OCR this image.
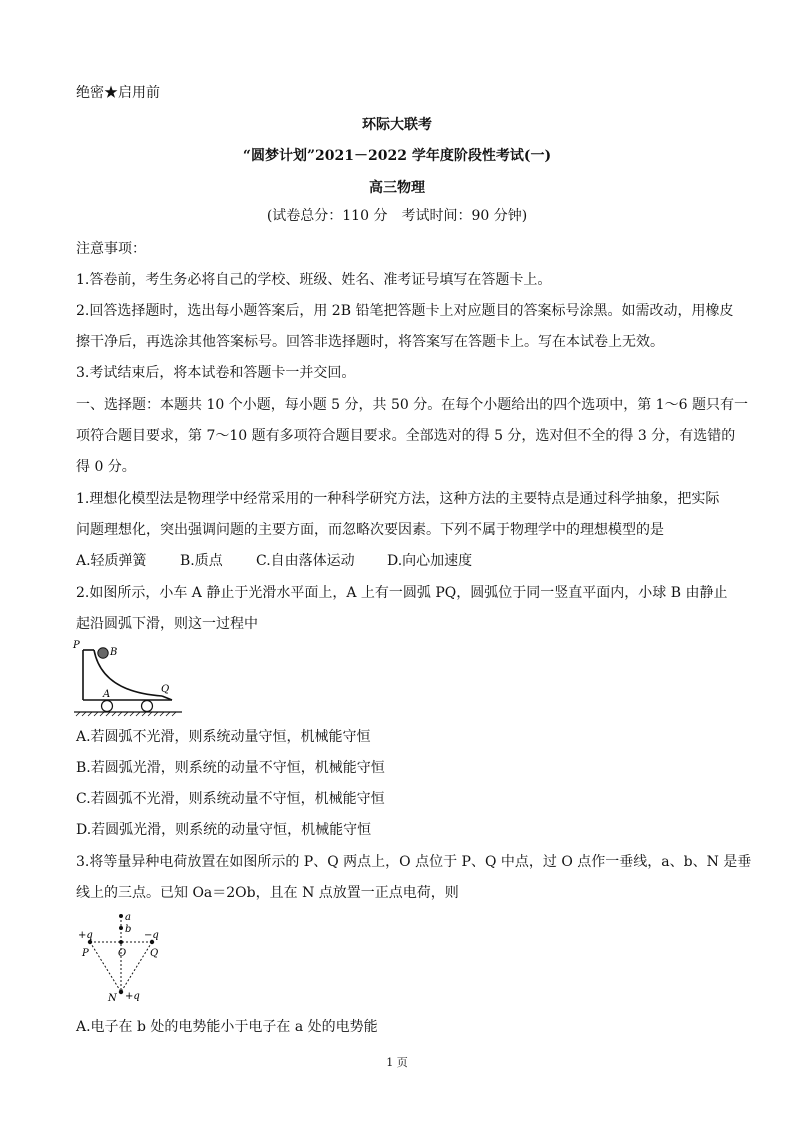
绝密★启用前
环际大联考
“圆梦计划”2021－2022 学年度阶段性考试(一)
高三物理
(试卷总分：110 分　考试时间：90 分钟)
注意事项：
1.答卷前，考生务必将自己的学校、班级、姓名、准考证号填写在答题卡上。
2.回答选择题时，选出每小题答案后，用 2B 铅笔把答题卡上对应题目的答案标号涂黑。如需改动，用橡皮
擦干净后，再选涂其他答案标号。回答非选择题时，将答案写在答题卡上。写在本试卷上无效。
3.考试结束后，将本试卷和答题卡一并交回。
一、选择题：本题共 10 个小题，每小题 5 分，共 50 分。在每个小题给出的四个选项中，第 1～6 题只有一
项符合题目要求，第 7～10 题有多项符合题目要求。全部选对的得 5 分，选对但不全的得 3 分，有选错的
得 0 分。
1.理想化模型法是物理学中经常采用的一种科学研究方法，这种方法的主要特点是通过科学抽象，把实际
问题理想化，突出强调问题的主要方面，而忽略次要因素。下列不属于物理学中的理想模型的是
A.轻质弹簧 B.质点 C.自由落体运动 D.向心加速度
2.如图所示，小车 A 静止于光滑水平面上，A 上有一圆弧 PQ，圆弧位于同一竖直平面内，小球 B 由静止
起沿圆弧下滑，则这一过程中
P
B
A	Q
A.若圆弧不光滑，则系统动量守恒，机械能守恒
B.若圆弧光滑，则系统的动量不守恒，机械能守恒
C.若圆弧不光滑，则系统动量不守恒，机械能守恒
D.若圆弧光滑，则系统的动量守恒，机械能守恒
3.将等量异种电荷放置在如图所示的 P、Q 两点上，O 点位于 P、Q 中点，过 O 点作一垂线，a、b、N 是垂
线上的三点。已知 Oa＝2Ob，且在 N 点放置一正点电荷，则
a
b
+q	−q
P	O Q
N +q
A.电子在 b 处的电势能小于电子在 a 处的电势能
1 页
